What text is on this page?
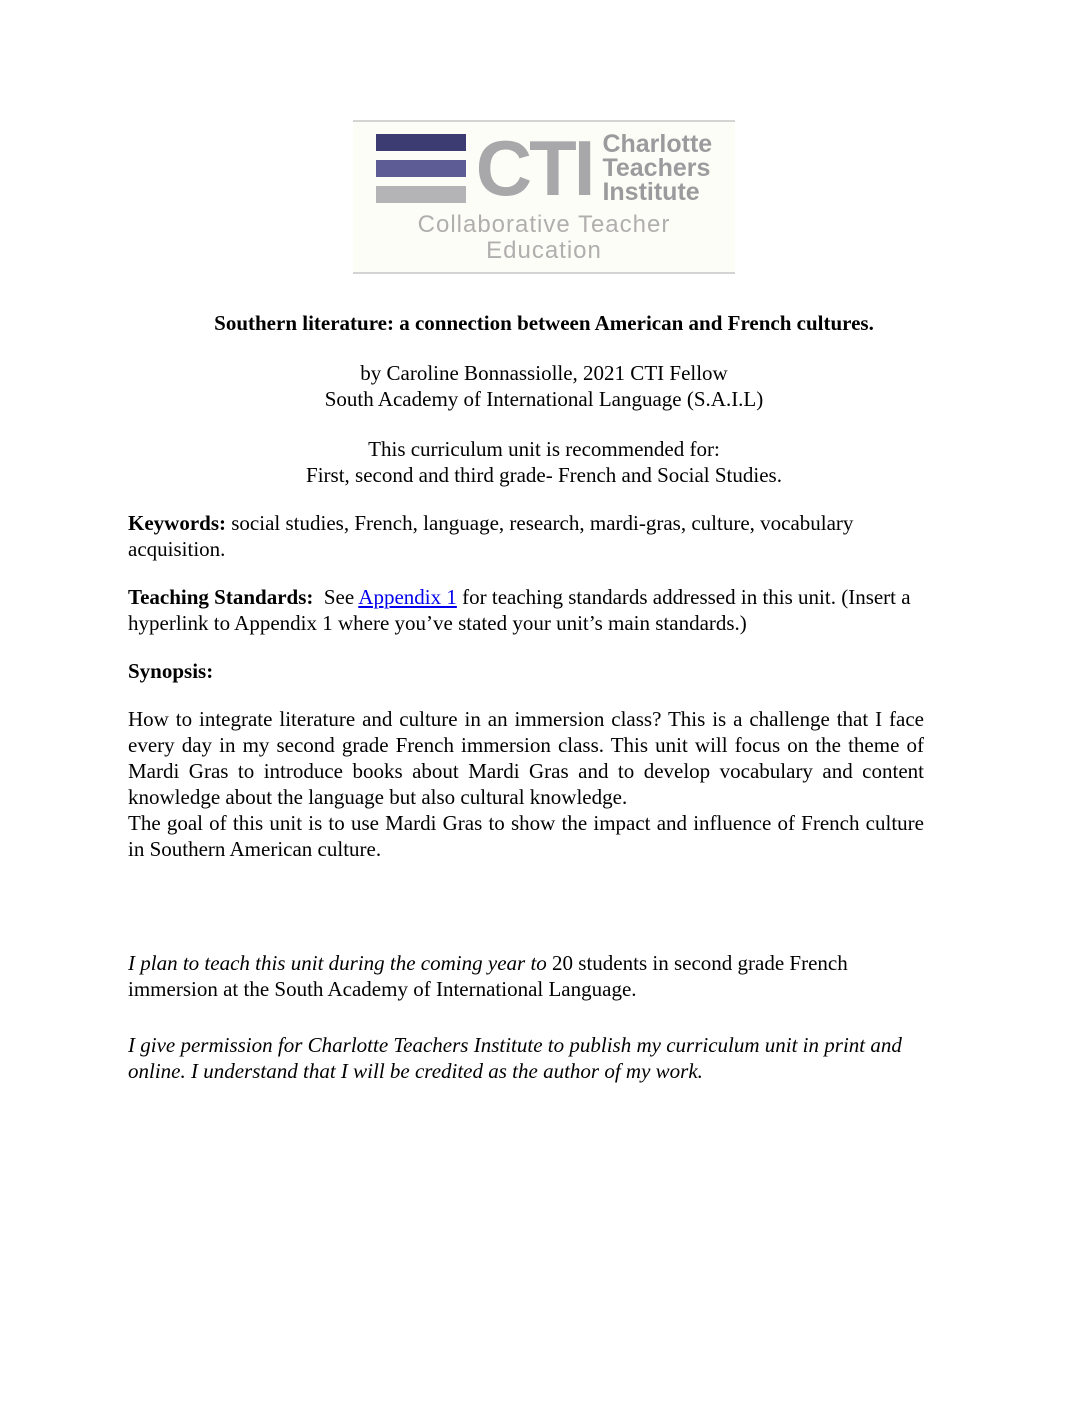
CTI Charlotte
Teachers
Institute
Collaborative Teacher Education
Southern literature: a connection between American and French cultures.
by Caroline Bonnassiolle, 2021 CTI Fellow
South Academy of International Language (S.A.I.L)
This curriculum unit is recommended for:
First, second and third grade- French and Social Studies.

Keywords: social studies, French, language, research, mardi-gras, culture, vocabulary acquisition.

Teaching Standards:  See Appendix 1 for teaching standards addressed in this unit. (Insert a hyperlink to Appendix 1 where you’ve stated your unit’s main standards.)

Synopsis:

How to integrate literature and culture in an immersion class? This is a challenge that I face every day in my second grade French immersion class. This unit will focus on the theme of Mardi Gras to introduce books about Mardi Gras and to develop vocabulary and content knowledge about the language but also cultural knowledge.
The goal of this unit is to use Mardi Gras to show the impact and influence of French culture in Southern American culture.

I plan to teach this unit during the coming year to 20 students in second grade French immersion at the South Academy of International Language.

I give permission for Charlotte Teachers Institute to publish my curriculum unit in print and online. I understand that I will be credited as the author of my work.
